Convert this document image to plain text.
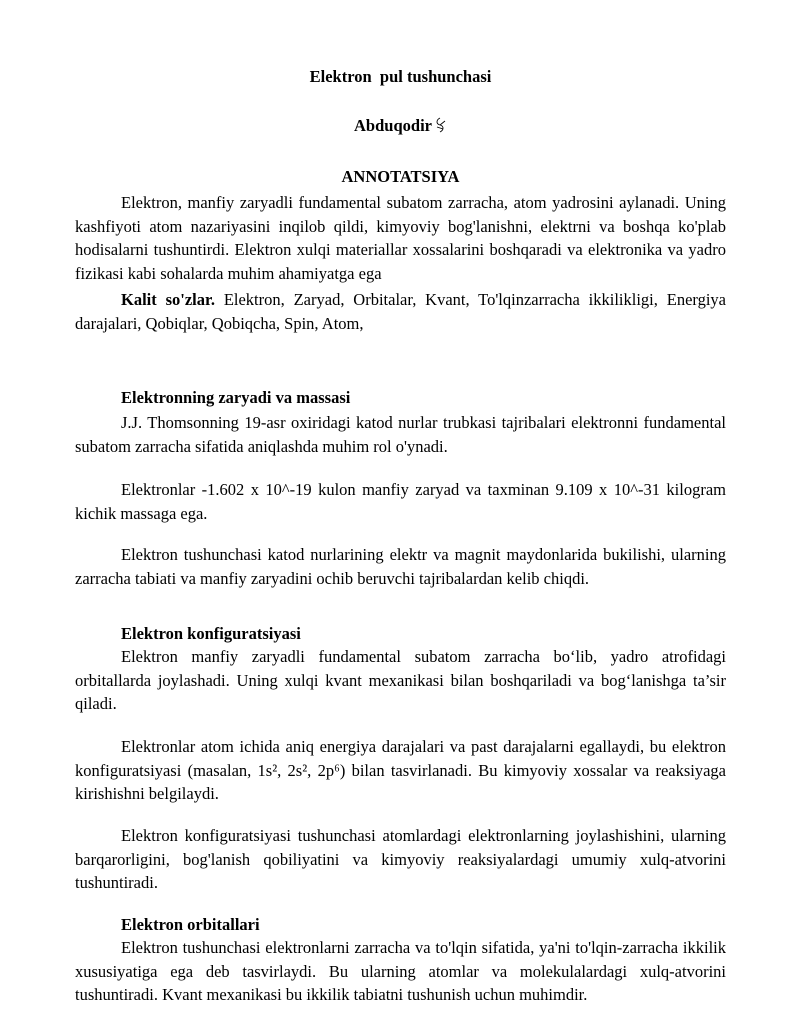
Elektron  pul tushunchasi
Abduqodir
ANNOTATSIYA

Elektron, manfiy zaryadli fundamental subatom zarracha, atom yadrosini aylanadi. Uning kashfiyoti atom nazariyasini inqilob qildi, kimyoviy bog'lanishni, elektrni va boshqa ko'plab hodisalarni tushuntirdi. Elektron xulqi materiallar xossalarini boshqaradi va elektronika va yadro fizikasi kabi sohalarda muhim ahamiyatga ega

Kalit so'zlar. Elektron, Zaryad, Orbitalar, Kvant, To'lqinzarracha ikkilikligi, Energiya darajalari, Qobiqlar, Qobiqcha, Spin, Atom,

Elektronning zaryadi va massasi

J.J. Thomsonning 19-asr oxiridagi katod nurlar trubkasi tajribalari elektronni fundamental subatom zarracha sifatida aniqlashda muhim rol o'ynadi.

Elektronlar -1.602 x 10^-19 kulon manfiy zaryad va taxminan 9.109 x 10^-31 kilogram kichik massaga ega.

Elektron tushunchasi katod nurlarining elektr va magnit maydonlarida bukilishi, ularning zarracha tabiati va manfiy zaryadini ochib beruvchi tajribalardan kelib chiqdi.

Elektron konfiguratsiyasi

Elektron manfiy zaryadli fundamental subatom zarracha bo‘lib, yadro atrofidagi orbitallarda joylashadi. Uning xulqi kvant mexanikasi bilan boshqariladi va bog‘lanishga ta’sir qiladi.

Elektronlar atom ichida aniq energiya darajalari va past darajalarni egallaydi, bu elektron konfiguratsiyasi (masalan, 1s², 2s², 2p⁶) bilan tasvirlanadi. Bu kimyoviy xossalar va reaksiyaga kirishishni belgilaydi.

Elektron konfiguratsiyasi tushunchasi atomlardagi elektronlarning joylashishini, ularning barqarorligini, bog'lanish qobiliyatini va kimyoviy reaksiyalardagi umumiy xulq-atvorini tushuntiradi.

Elektron orbitallari

Elektron tushunchasi elektronlarni zarracha va to'lqin sifatida, ya'ni to'lqin-zarracha ikkilik xususiyatiga ega deb tasvirlaydi. Bu ularning atomlar va molekulalardagi xulq-atvorini tushuntiradi. Kvant mexanikasi bu ikkilik tabiatni tushunish uchun muhimdir.
